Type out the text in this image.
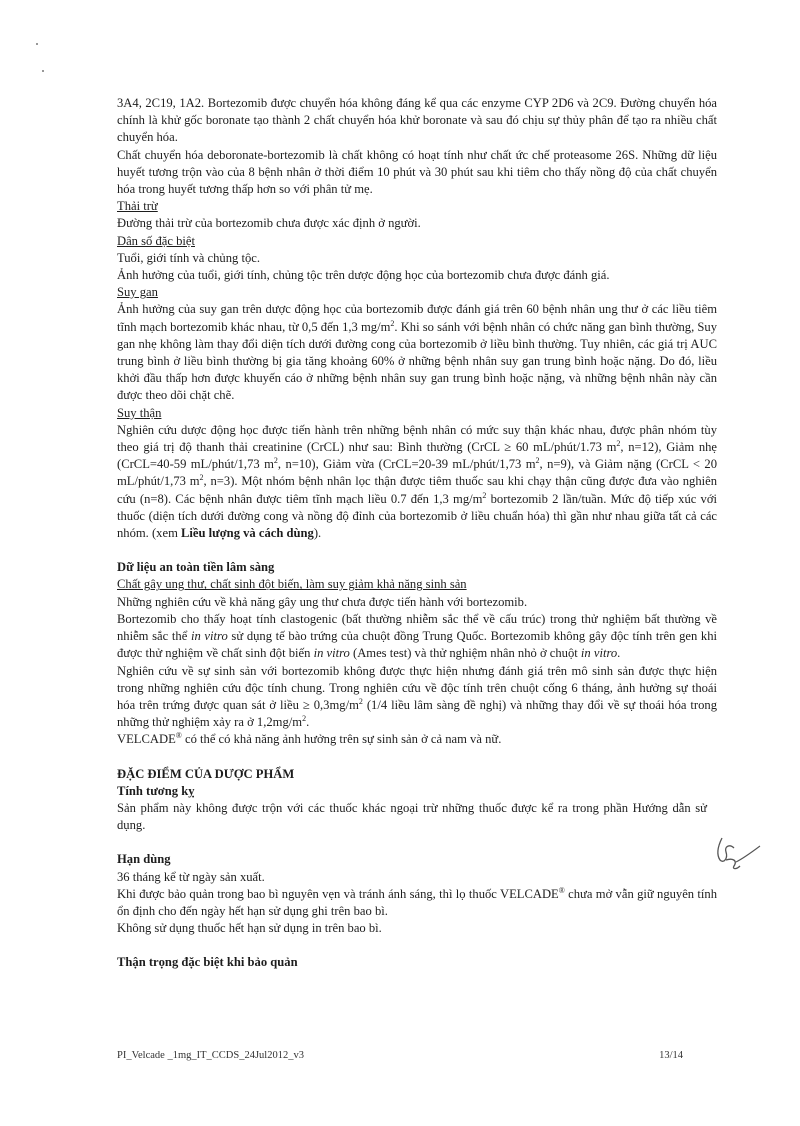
3A4, 2C19, 1A2. Bortezomib được chuyển hóa không đáng kể qua các enzyme CYP 2D6 và 2C9. Đường chuyển hóa chính là khử gốc boronate tạo thành 2 chất chuyển hóa khử boronate và sau đó chịu sự thủy phân để tạo ra nhiều chất chuyển hóa.

Chất chuyển hóa deboronate-bortezomib là chất không có hoạt tính như chất ức chế proteasome 26S. Những dữ liệu huyết tương trộn vào của 8 bệnh nhân ở thời điểm 10 phút và 30 phút sau khi tiêm cho thấy nồng độ của chất chuyển hóa trong huyết tương thấp hơn so với phân tử mẹ.

Thải trừ

Đường thải trừ của bortezomib chưa được xác định ở người.

Dân số đặc biệt

Tuổi, giới tính và chủng tộc.

Ảnh hưởng của tuổi, giới tính, chủng tộc trên dược động học của bortezomib chưa được đánh giá.

Suy gan

Ảnh hưởng của suy gan trên dược động học của bortezomib được đánh giá trên 60 bệnh nhân ung thư ở các liều tiêm tĩnh mạch bortezomib khác nhau, từ 0,5 đến 1,3 $mg/m^2$. Khi so sánh với bệnh nhân có chức năng gan bình thường, Suy gan nhẹ không làm thay đổi diện tích dưới đường cong của bortezomib ở liều bình thường. Tuy nhiên, các giá trị AUC trung bình ở liều bình thường bị gia tăng khoảng 60% ở những bệnh nhân suy gan trung bình hoặc nặng. Do đó, liều khởi đầu thấp hơn được khuyến cáo ở những bệnh nhân suy gan trung bình hoặc nặng, và những bệnh nhân này cần được theo dõi chặt chẽ.

Suy thận

Nghiên cứu dược động học được tiến hành trên những bệnh nhân có mức suy thận khác nhau, được phân nhóm tùy theo giá trị độ thanh thải creatinine (CrCL) như sau: Bình thường (CrCL ≥ 60 mL/phút/1.73 $m^2$, n=12), Giảm nhẹ (CrCL=40-59 mL/phút/1,73 $m^2$, n=10), Giảm vừa (CrCL=20-39 mL/phút/1,73 $m^2$, n=9), và Giảm nặng (CrCL < 20 mL/phút/1,73 $m^2$, n=3). Một nhóm bệnh nhân lọc thận được tiêm thuốc sau khi chạy thận cũng được đưa vào nghiên cứu (n=8). Các bệnh nhân được tiêm tĩnh mạch liều 0.7 đến 1,3 $mg/m^2$ bortezomib 2 lần/tuần. Mức độ tiếp xúc với thuốc (diện tích dưới đường cong và nồng độ đỉnh của bortezomib ở liều chuẩn hóa) thì gần như nhau giữa tất cả các nhóm. (xem Liều lượng và cách dùng).

Dữ liệu an toàn tiền lâm sàng

Chất gây ung thư, chất sinh đột biến, làm suy giảm khả năng sinh sản

Những nghiên cứu về khả năng gây ung thư chưa được tiến hành với bortezomib.

Bortezomib cho thấy hoạt tính clastogenic (bất thường nhiễm sắc thể về cấu trúc) trong thử nghiệm bất thường về nhiễm sắc thể in vitro sử dụng tế bào trứng của chuột đồng Trung Quốc. Bortezomib không gây độc tính trên gen khi được thử nghiệm về chất sinh đột biến in vitro (Ames test) và thử nghiệm nhân nhỏ ở chuột in vitro.

Nghiên cứu về sự sinh sản với bortezomib không được thực hiện nhưng đánh giá trên mô sinh sản được thực hiện trong những nghiên cứu độc tính chung. Trong nghiên cứu về độc tính trên chuột cống 6 tháng, ảnh hưởng sự thoái hóa trên trứng được quan sát ở liều ≥ $0,3mg/m^2$ (1/4 liều lâm sàng đề nghị) và những thay đổi về sự thoái hóa trong những thử nghiệm xảy ra ở $1,2mg/m^2$.

VELCADE® có thể có khả năng ảnh hưởng trên sự sinh sản ở cả nam và nữ.

ĐẶC ĐIỂM CỦA DƯỢC PHẨM

Tính tương kỵ

Sản phẩm này không được trộn với các thuốc khác ngoại trừ những thuốc được kể ra trong phần Hướng dẫn sử dụng.

Hạn dùng

36 tháng kể từ ngày sản xuất.

Khi được bảo quản trong bao bì nguyên vẹn và tránh ánh sáng, thì lọ thuốc VELCADE® chưa mở vẫn giữ nguyên tính ổn định cho đến ngày hết hạn sử dụng ghi trên bao bì.

Không sử dụng thuốc hết hạn sử dụng in trên bao bì.

Thận trọng đặc biệt khi bảo quản

PI_Velcade _1mg_IT_CCDS_24Jul2012_v3	13/14
